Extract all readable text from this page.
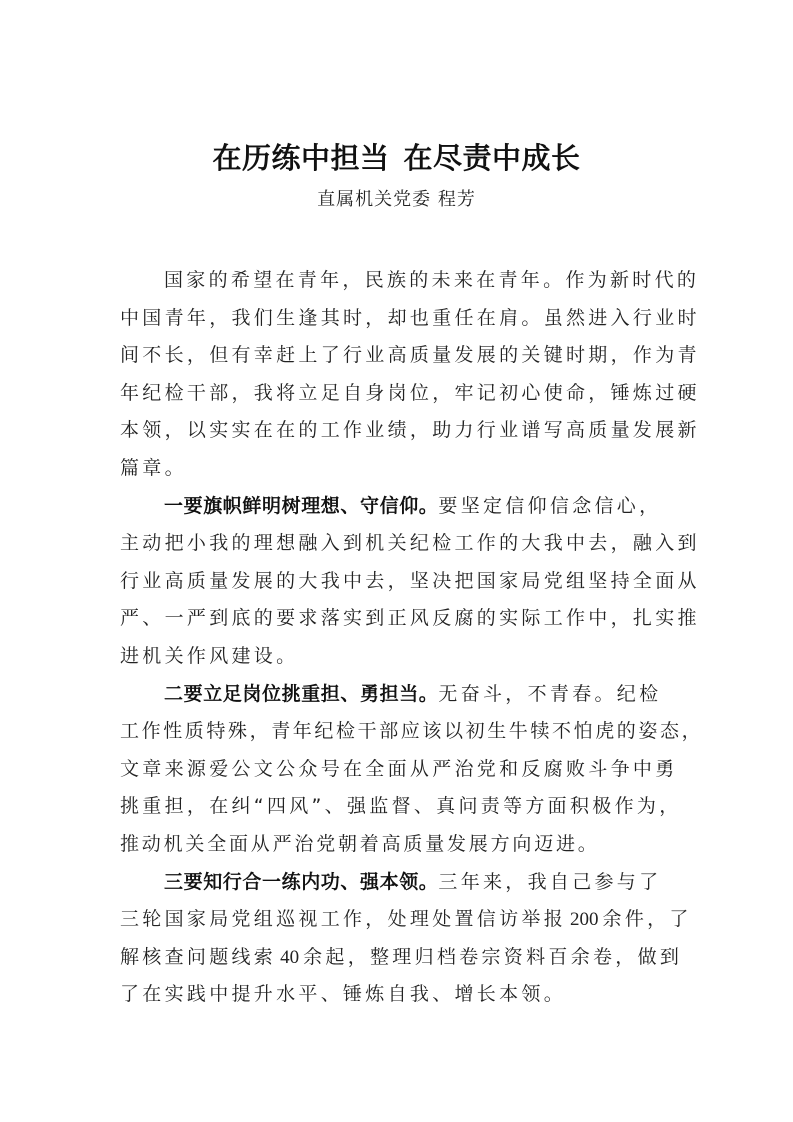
在历练中担当 在尽责中成长
直属机关党委 程芳
国家的希望在青年，民族的未来在青年。作为新时代的
中国青年，我们生逢其时，却也重任在肩。虽然进入行业时
间不长，但有幸赶上了行业高质量发展的关键时期，作为青
年纪检干部，我将立足自身岗位，牢记初心使命，锤炼过硬
本领，以实实在在的工作业绩，助力行业谱写高质量发展新
篇章。
一要旗帜鲜明树理想、守信仰。要坚定信仰信念信心，
主动把小我的理想融入到机关纪检工作的大我中去，融入到
行业高质量发展的大我中去，坚决把国家局党组坚持全面从
严、一严到底的要求落实到正风反腐的实际工作中，扎实推
进机关作风建设。
二要立足岗位挑重担、勇担当。无奋斗，不青春。纪检
工作性质特殊，青年纪检干部应该以初生牛犊不怕虎的姿态，
文章来源爱公文公众号在全面从严治党和反腐败斗争中勇
挑重担，在纠“四风”、强监督、真问责等方面积极作为，
推动机关全面从严治党朝着高质量发展方向迈进。
三要知行合一练内功、强本领。三年来，我自己参与了
三轮国家局党组巡视工作，处理处置信访举报 200 余件，了
解核查问题线索 40 余起，整理归档卷宗资料百余卷，做到
了在实践中提升水平、锤炼自我、增长本领。
